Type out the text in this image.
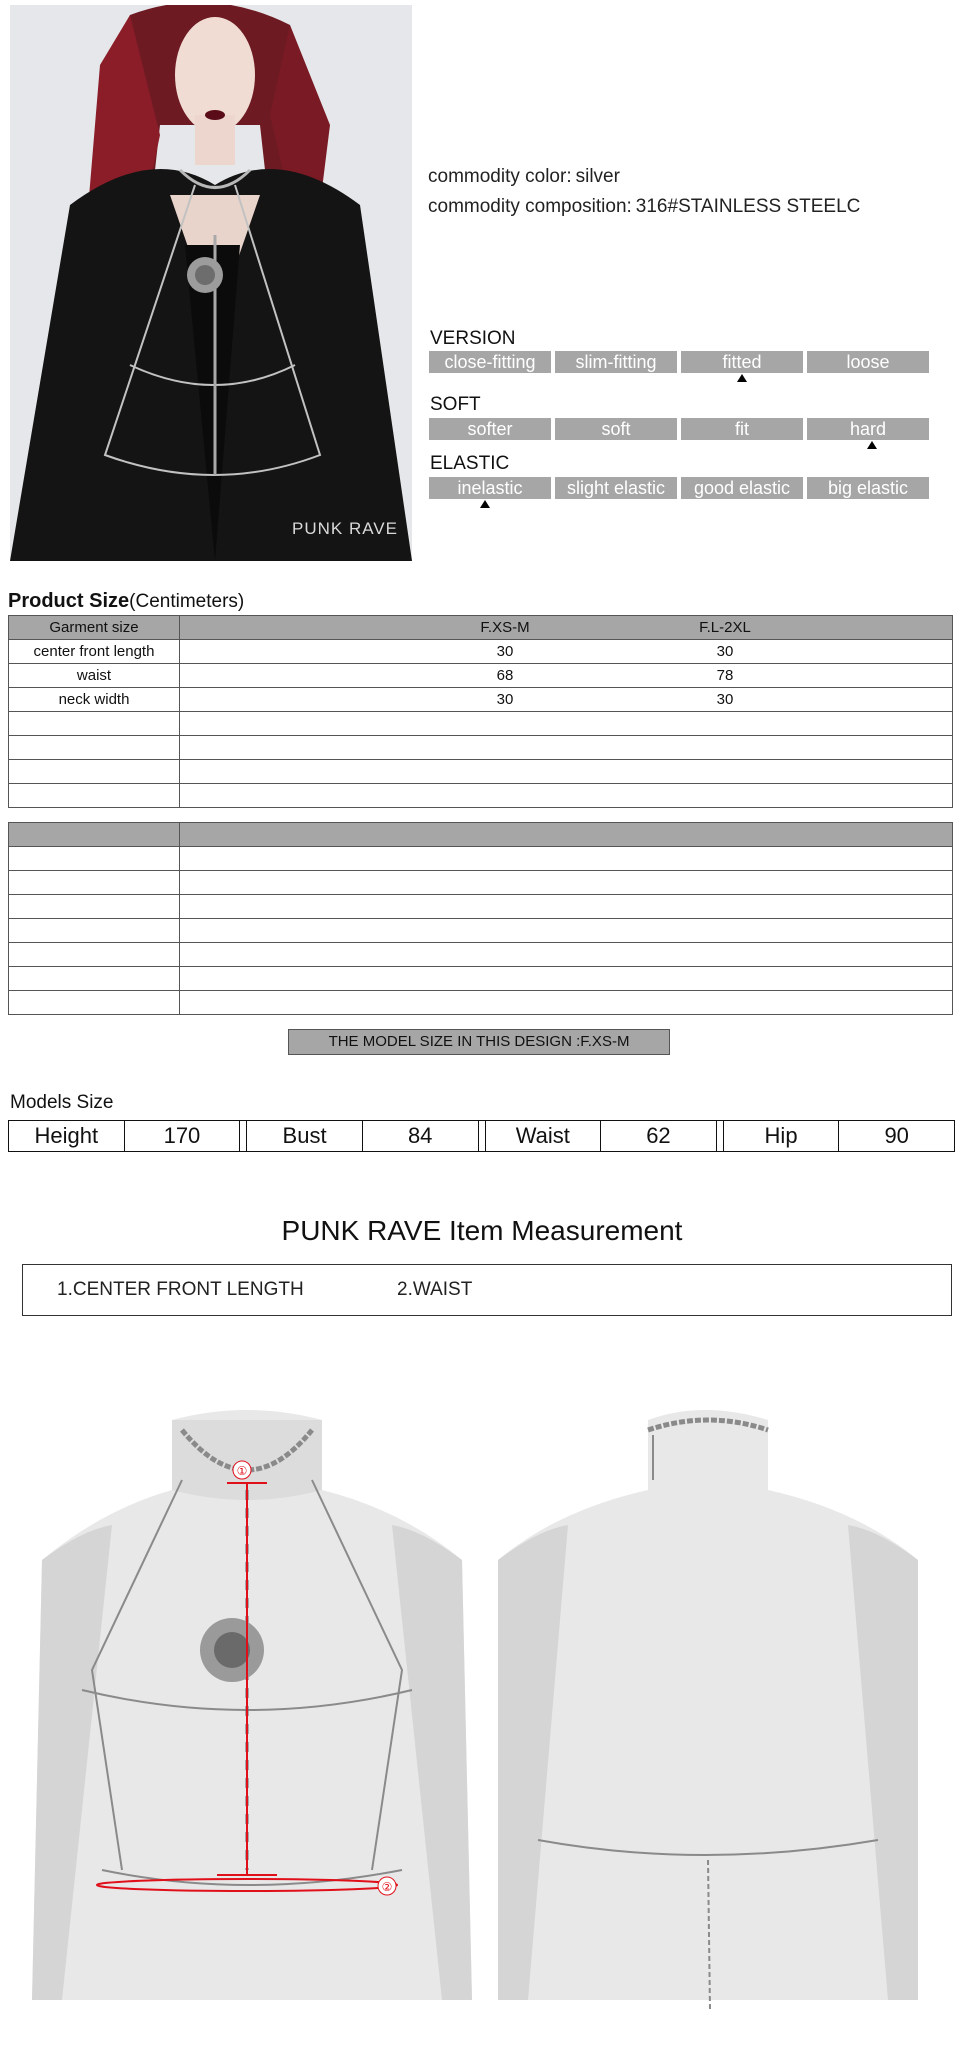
PUNK RAVE
commodity color: silver
commodity composition: 316#STAINLESS STEELC
VERSION
close-fitting	slim-fitting	fitted	loose
SOFT
softer	soft	fit	hard
ELASTIC
inelastic	slight elastic	good elastic	big elastic
Product Size(Centimeters)
Garment size	F.XS-M F.L-2XL

center front length	30 30

waist	68 78

neck width	30 30

THE MODEL SIZE IN THIS DESIGN :F.XS-M
Models Size
Height	170	Bust	84	Waist	62	Hip	90
PUNK RAVE Item Measurement
1.CENTER FRONT LENGTH	2.WAIST
①
②
